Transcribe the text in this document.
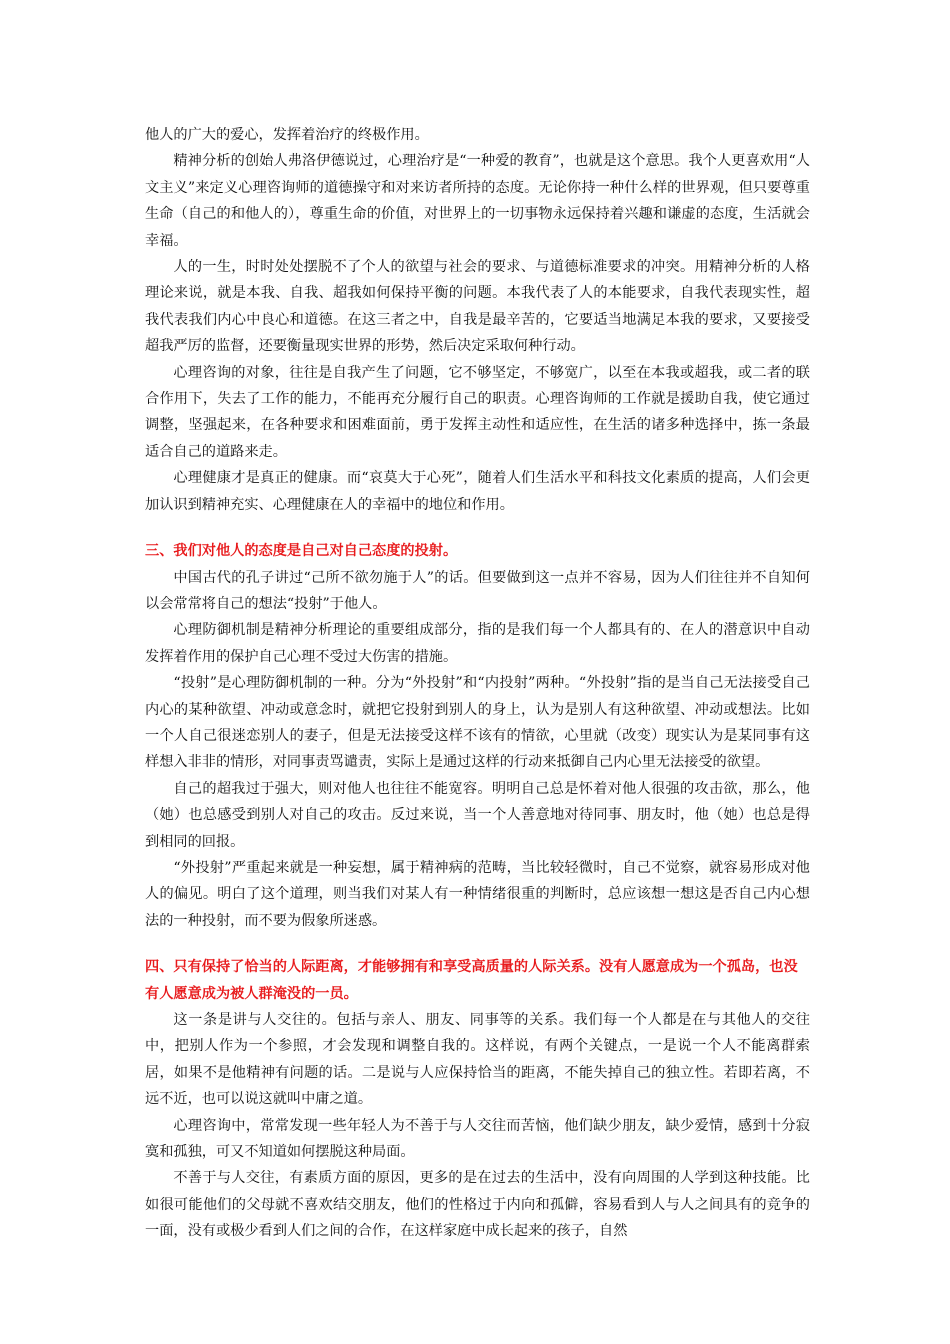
他人的广大的爱心，发挥着治疗的终极作用。

精神分析的创始人弗洛伊德说过，心理治疗是“一种爱的教育”，也就是这个意思。我个人更喜欢用“人文主义”来定义心理咨询师的道德操守和对来访者所持的态度。无论你持一种什么样的世界观，但只要尊重生命（自己的和他人的），尊重生命的价值，对世界上的一切事物永远保持着兴趣和谦虚的态度，生活就会幸福。

人的一生，时时处处摆脱不了个人的欲望与社会的要求、与道德标准要求的冲突。用精神分析的人格理论来说，就是本我、自我、超我如何保持平衡的问题。本我代表了人的本能要求，自我代表现实性，超我代表我们内心中良心和道德。在这三者之中，自我是最辛苦的，它要适当地满足本我的要求，又要接受超我严厉的监督，还要衡量现实世界的形势，然后决定采取何种行动。

心理咨询的对象，往往是自我产生了问题，它不够坚定，不够宽广，以至在本我或超我，或二者的联合作用下，失去了工作的能力，不能再充分履行自己的职责。心理咨询师的工作就是援助自我，使它通过调整，坚强起来，在各种要求和困难面前，勇于发挥主动性和适应性，在生活的诸多种选择中，拣一条最适合自己的道路来走。

心理健康才是真正的健康。而“哀莫大于心死”，随着人们生活水平和科技文化素质的提高，人们会更加认识到精神充实、心理健康在人的幸福中的地位和作用。

三、我们对他人的态度是自己对自己态度的投射。

中国古代的孔子讲过“己所不欲勿施于人”的话。但要做到这一点并不容易，因为人们往往并不自知何以会常常将自己的想法“投射”于他人。

心理防御机制是精神分析理论的重要组成部分，指的是我们每一个人都具有的、在人的潜意识中自动发挥着作用的保护自己心理不受过大伤害的措施。

“投射”是心理防御机制的一种。分为“外投射”和“内投射”两种。“外投射”指的是当自己无法接受自己内心的某种欲望、冲动或意念时，就把它投射到别人的身上，认为是别人有这种欲望、冲动或想法。比如一个人自己很迷恋别人的妻子，但是无法接受这样不该有的情欲，心里就（改变）现实认为是某同事有这样想入非非的情形，对同事责骂谴责，实际上是通过这样的行动来抵御自己内心里无法接受的欲望。

自己的超我过于强大，则对他人也往往不能宽容。明明自己总是怀着对他人很强的攻击欲，那么，他（她）也总感受到别人对自己的攻击。反过来说，当一个人善意地对待同事、朋友时，他（她）也总是得到相同的回报。

“外投射”严重起来就是一种妄想，属于精神病的范畴，当比较轻微时，自己不觉察，就容易形成对他人的偏见。明白了这个道理，则当我们对某人有一种情绪很重的判断时，总应该想一想这是否自己内心想法的一种投射，而不要为假象所迷惑。

四、只有保持了恰当的人际距离，才能够拥有和享受高质量的人际关系。没有人愿意成为一个孤岛，也没有人愿意成为被人群淹没的一员。

这一条是讲与人交往的。包括与亲人、朋友、同事等的关系。我们每一个人都是在与其他人的交往中，把别人作为一个参照，才会发现和调整自我的。这样说，有两个关键点，一是说一个人不能离群索居，如果不是他精神有问题的话。二是说与人应保持恰当的距离，不能失掉自己的独立性。若即若离，不远不近，也可以说这就叫中庸之道。

心理咨询中，常常发现一些年轻人为不善于与人交往而苦恼，他们缺少朋友，缺少爱情，感到十分寂寞和孤独，可又不知道如何摆脱这种局面。

不善于与人交往，有素质方面的原因，更多的是在过去的生活中，没有向周围的人学到这种技能。比如很可能他们的父母就不喜欢结交朋友，他们的性格过于内向和孤僻，容易看到人与人之间具有的竞争的一面，没有或极少看到人们之间的合作，在这样家庭中成长起来的孩子，自然
